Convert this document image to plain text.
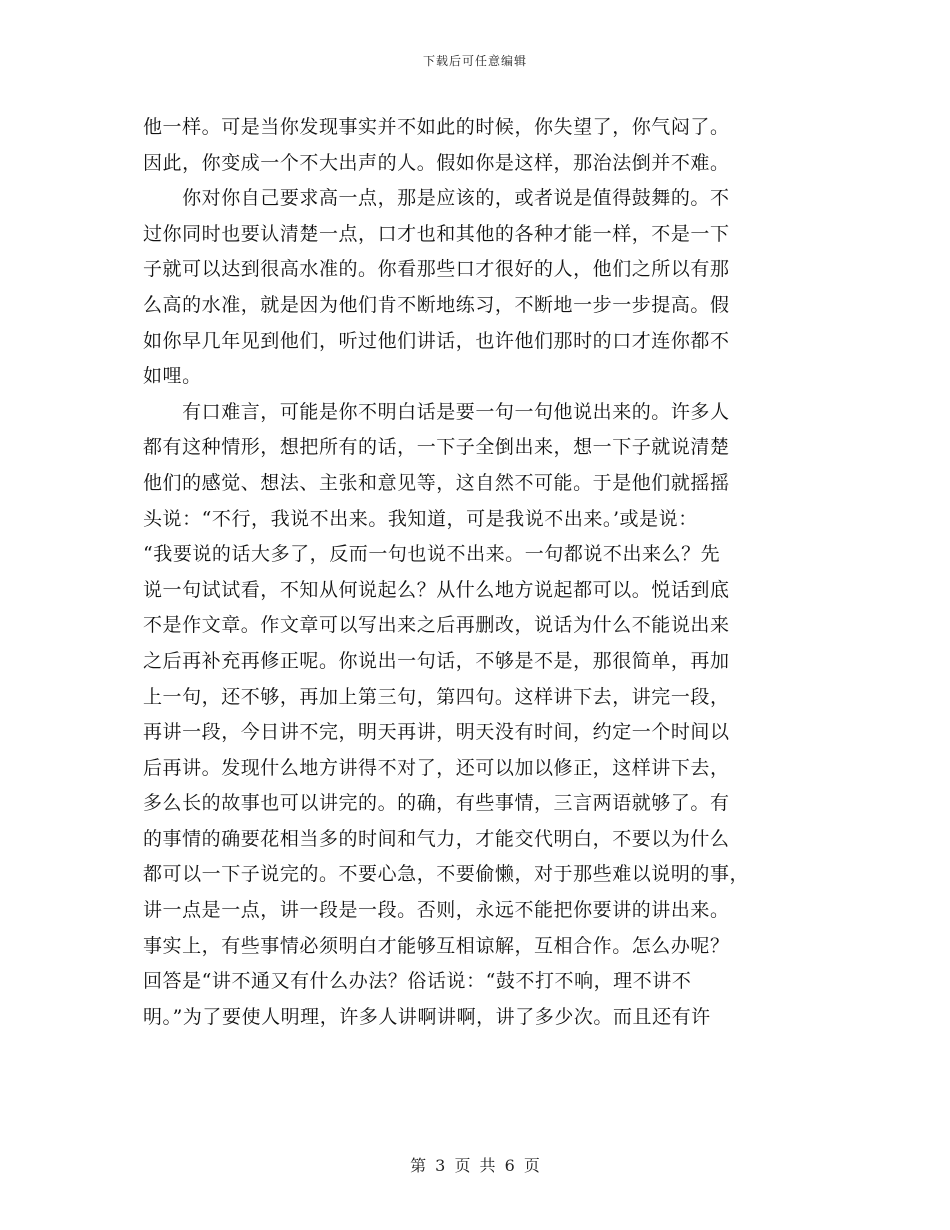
下载后可任意编辑
他一样。可是当你发现事实并不如此的时候，你失望了，你气闷了。
因此，你变成一个不大出声的人。假如你是这样，那治法倒并不难。
　　你对你自己要求高一点，那是应该的，或者说是值得鼓舞的。不
过你同时也要认清楚一点，口才也和其他的各种才能一样，不是一下
子就可以达到很高水准的。你看那些口才很好的人，他们之所以有那
么高的水准，就是因为他们肯不断地练习，不断地一步一步提高。假
如你早几年见到他们，听过他们讲话，也许他们那时的口才连你都不
如哩。
　　有口难言，可能是你不明白话是要一句一句他说出来的。许多人
都有这种情形，想把所有的话，一下子全倒出来，想一下子就说清楚
他们的感觉、想法、主张和意见等，这自然不可能。于是他们就摇摇
头说：“不行，我说不出来。我知道，可是我说不出来。’或是说：
“我要说的话大多了，反而一句也说不出来。一句都说不出来么？先
说一句试试看，不知从何说起么？从什么地方说起都可以。悦话到底
不是作文章。作文章可以写出来之后再删改，说话为什么不能说出来
之后再补充再修正呢。你说出一句话，不够是不是，那很简单，再加
上一句，还不够，再加上第三句，第四句。这样讲下去，讲完一段，
再讲一段，今日讲不完，明天再讲，明天没有时间，约定一个时间以
后再讲。发现什么地方讲得不对了，还可以加以修正，这样讲下去，
多么长的故事也可以讲完的。的确，有些事情，三言两语就够了。有
的事情的确要花相当多的时间和气力，才能交代明白，不要以为什么
都可以一下子说完的。不要心急，不要偷懒，对于那些难以说明的事，
讲一点是一点，讲一段是一段。否则，永远不能把你要讲的讲出来。
事实上，有些事情必须明白才能够互相谅解，互相合作。怎么办呢？
回答是“讲不通又有什么办法？俗话说：“鼓不打不响，理不讲不
明。”为了要使人明理，许多人讲啊讲啊，讲了多少次。而且还有许
第 3 页 共 6 页
